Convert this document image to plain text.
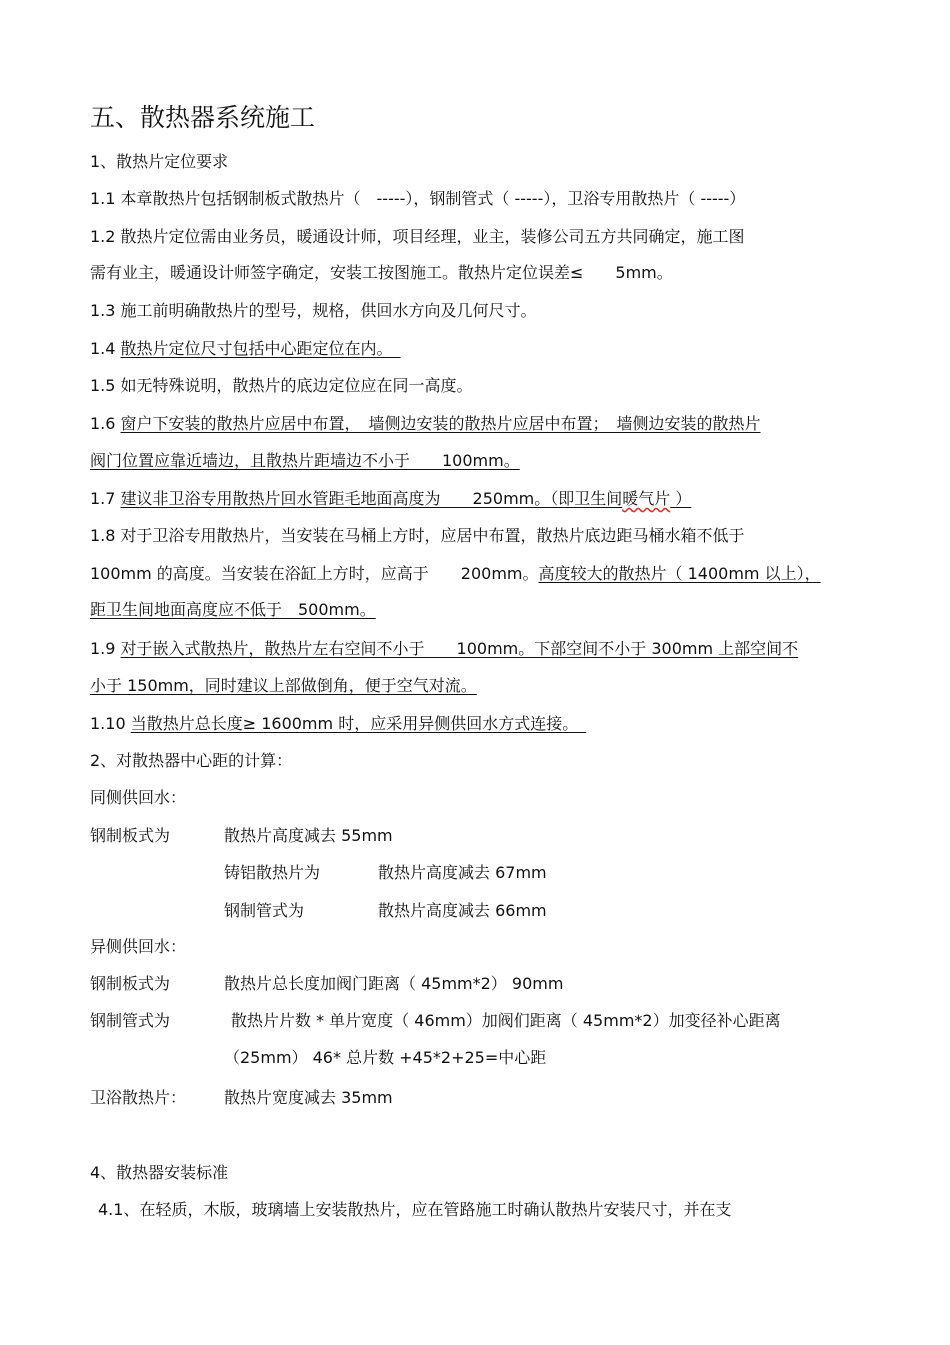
五、散热器系统施工
1、散热片定位要求
1.1 本章散热片包括钢制板式散热片（　-----），钢制管式（ -----），卫浴专用散热片（ -----）
1.2 散热片定位需由业务员，暖通设计师，项目经理，业主，装修公司五方共同确定，施工图
需有业主，暖通设计师签字确定，安装工按图施工。散热片定位误差≤　　5mm。
1.3 施工前明确散热片的型号，规格，供回水方向及几何尺寸。
1.4 散热片定位尺寸包括中心距定位在内。　
1.5 如无特殊说明，散热片的底边定位应在同一高度。
1.6 窗户下安装的散热片应居中布置，　墙侧边安装的散热片应居中布置；　墙侧边安装的散热片
阀门位置应靠近墙边，且散热片距墙边不小于　　100mm。
1.7 建议非卫浴专用散热片回水管距毛地面高度为　　250mm。（即卫生间暖气片 ）
1.8 对于卫浴专用散热片，当安装在马桶上方时，应居中布置，散热片底边距马桶水箱不低于
100mm 的高度。当安装在浴缸上方时，应高于　　200mm。高度较大的散热片（ 1400mm 以上），
距卫生间地面高度应不低于　500mm。
1.9 对于嵌入式散热片，散热片左右空间不小于　　100mm。下部空间不小于 300mm 上部空间不
小于 150mm，同时建议上部做倒角，便于空气对流。
1.10 当散热片总长度≥ 1600mm 时，应采用异侧供回水方式连接。　
2、对散热器中心距的计算：
同侧供回水：
钢制板式为	散热片高度减去 55mm
铸铝散热片为	散热片高度减去 67mm
钢制管式为	散热片高度减去 66mm
异侧供回水：
钢制板式为	散热片总长度加阀门距离（ 45mm*2） 90mm
钢制管式为	散热片片数 * 单片宽度（ 46mm）加阀们距离（ 45mm*2）加变径补心距离
（25mm） 46* 总片数 +45*2+25=中心距
卫浴散热片： 散热片宽度减去 35mm
4、散热器安装标准
4.1、在轻质，木版，玻璃墙上安装散热片，应在管路施工时确认散热片安装尺寸，并在支
